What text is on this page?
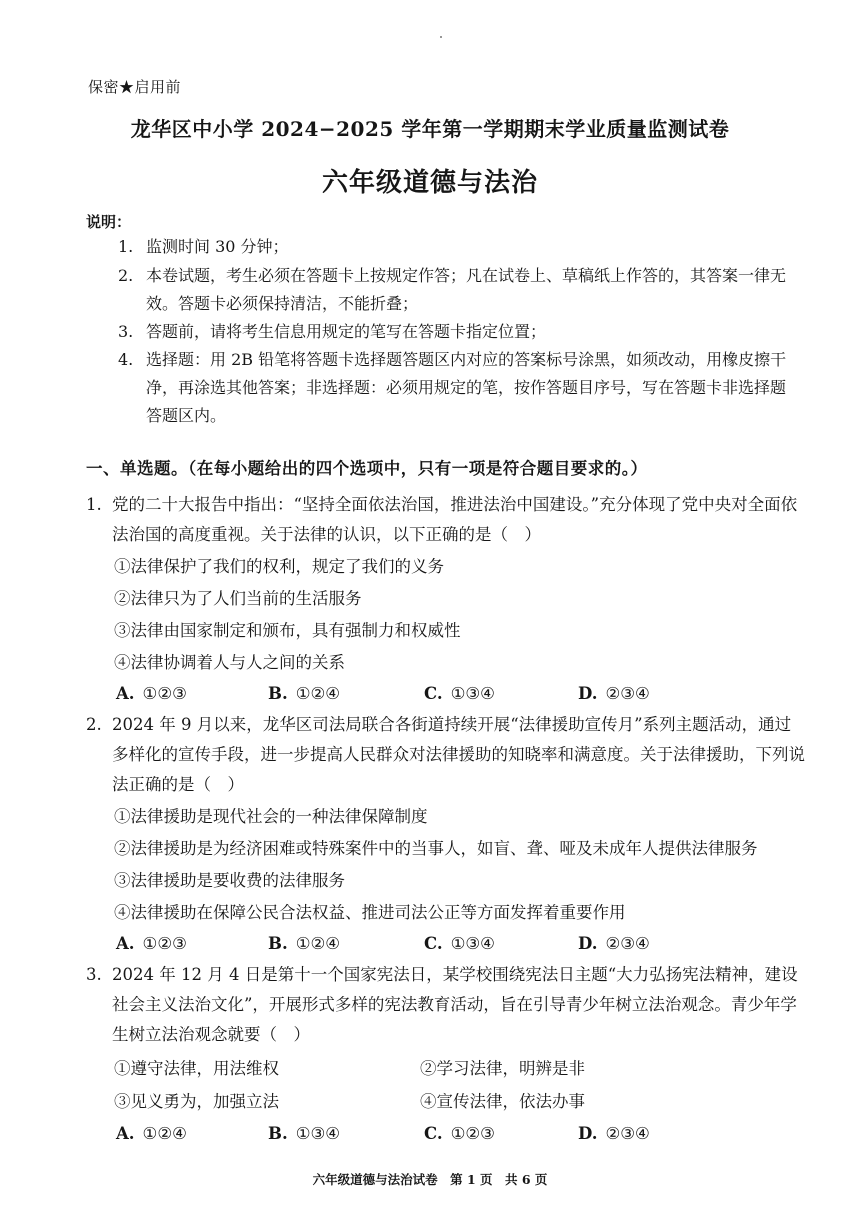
保密★启用前
龙华区中小学 2024−2025 学年第一学期期末学业质量监测试卷
六年级道德与法治
说明：
1. 监测时间 30 分钟；
2. 本卷试题，考生必须在答题卡上按规定作答；凡在试卷上、草稿纸上作答的，其答案一律无效。答题卡必须保持清洁，不能折叠；
3. 答题前，请将考生信息用规定的笔写在答题卡指定位置；
4. 选择题：用 2B 铅笔将答题卡选择题答题区内对应的答案标号涂黑，如须改动，用橡皮擦干净，再涂选其他答案；非选择题：必须用规定的笔，按作答题目序号，写在答题卡非选择题答题区内。
一、单选题。（在每小题给出的四个选项中，只有一项是符合题目要求的。）
1. 党的二十大报告中指出：“坚持全面依法治国，推进法治中国建设。”充分体现了党中央对全面依法治国的高度重视。关于法律的认识，以下正确的是（　）
①法律保护了我们的权利，规定了我们的义务
②法律只为了人们当前的生活服务
③法律由国家制定和颁布，具有强制力和权威性
④法律协调着人与人之间的关系
A. ①②③	B. ①②④	C. ①③④	D. ②③④
2. 2024 年 9 月以来，龙华区司法局联合各街道持续开展“法律援助宣传月”系列主题活动，通过多样化的宣传手段，进一步提高人民群众对法律援助的知晓率和满意度。关于法律援助，下列说法正确的是（　）
①法律援助是现代社会的一种法律保障制度
②法律援助是为经济困难或特殊案件中的当事人，如盲、聋、哑及未成年人提供法律服务
③法律援助是要收费的法律服务
④法律援助在保障公民合法权益、推进司法公正等方面发挥着重要作用
A. ①②③	B. ①②④	C. ①③④	D. ②③④
3. 2024 年 12 月 4 日是第十一个国家宪法日，某学校围绕宪法日主题“大力弘扬宪法精神，建设社会主义法治文化”，开展形式多样的宪法教育活动，旨在引导青少年树立法治观念。青少年学生树立法治观念就要（　）
①遵守法律，用法维权	②学习法律，明辨是非
③见义勇为，加强立法	④宣传法律，依法办事
A. ①②④	B. ①③④	C. ①②③	D. ②③④
六年级道德与法治试卷　第 1 页　共 6 页
